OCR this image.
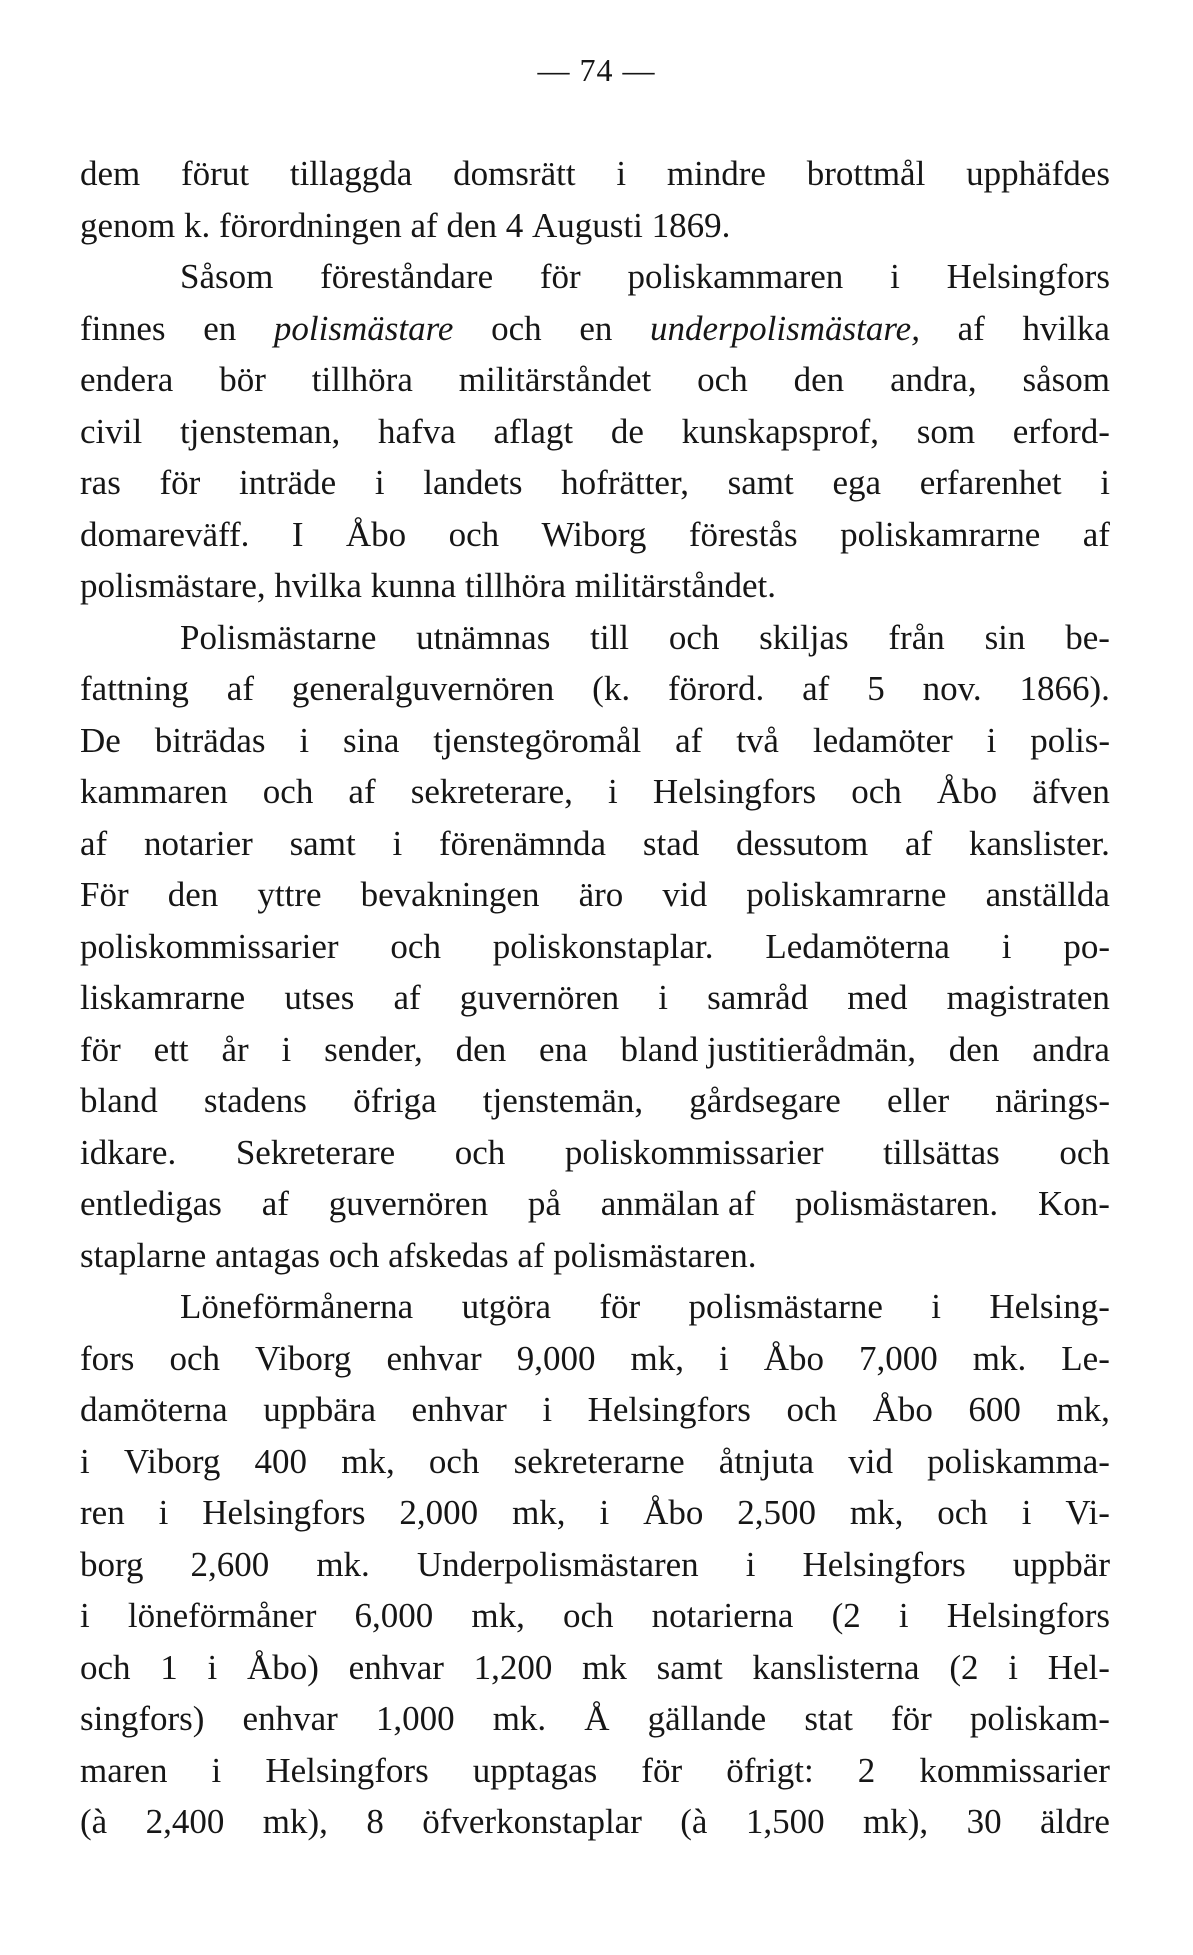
— 74 —
dem förut tillaggda domsrätt i mindre brottmål upphäfdes
genom
k.
förordningen
af
den
4
Augusti
1869.
Såsom föreståndare för poliskammaren i Helsingfors
finnes en polismästare och en underpolismästare, af hvilka
endera bör tillhöra militärståndet och den andra, såsom
civil tjensteman, hafva aflagt de kunskapsprof, som erford-
ras för inträde i landets hofrätter, samt ega erfarenhet i
domareväff. I Åbo och Wiborg förestås poliskamrarne af
polismästare,
hvilka
kunna
tillhöra
militärståndet.
Polismästarne utnämnas till och skiljas från sin be-
fattning af generalguvernören (k. förord. af 5 nov. 1866).
De biträdas i sina tjenstegöromål af två ledamöter i polis-
kammaren och af sekreterare, i Helsingfors och Åbo äfven
af notarier samt i förenämnda stad dessutom af kanslister.
För den yttre bevakningen äro vid poliskamrarne anställda
poliskommissarier och poliskonstaplar. Ledamöterna i po-
liskamrarne utses af guvernören i samråd med magistraten
för ett år i sender, den ena bland justitierådmän, den andra
bland stadens öfriga tjenstemän, gårdsegare eller närings-
idkare. Sekreterare och poliskommissarier tillsättas och
entledigas af guvernören på anmälan af polismästaren. Kon-
staplarne
antagas
och
afskedas
af
polismästaren.
Löneförmånerna utgöra för polismästarne i Helsing-
fors och Viborg enhvar 9,000 mk, i Åbo 7,000 mk. Le-
damöterna uppbära enhvar i Helsingfors och Åbo 600 mk,
i Viborg 400 mk, och sekreterarne åtnjuta vid poliskamma-
ren i Helsingfors 2,000 mk, i Åbo 2,500 mk, och i Vi-
borg 2,600 mk. Underpolismästaren i Helsingfors uppbär
i löneförmåner 6,000 mk, och notarierna (2 i Helsingfors
och 1 i Åbo) enhvar 1,200 mk samt kanslisterna (2 i Hel-
singfors) enhvar 1,000 mk. Å gällande stat för poliskam-
maren i Helsingfors upptagas för öfrigt: 2 kommissarier
(à 2,400 mk), 8 öfverkonstaplar (à 1,500 mk), 30 äldre
